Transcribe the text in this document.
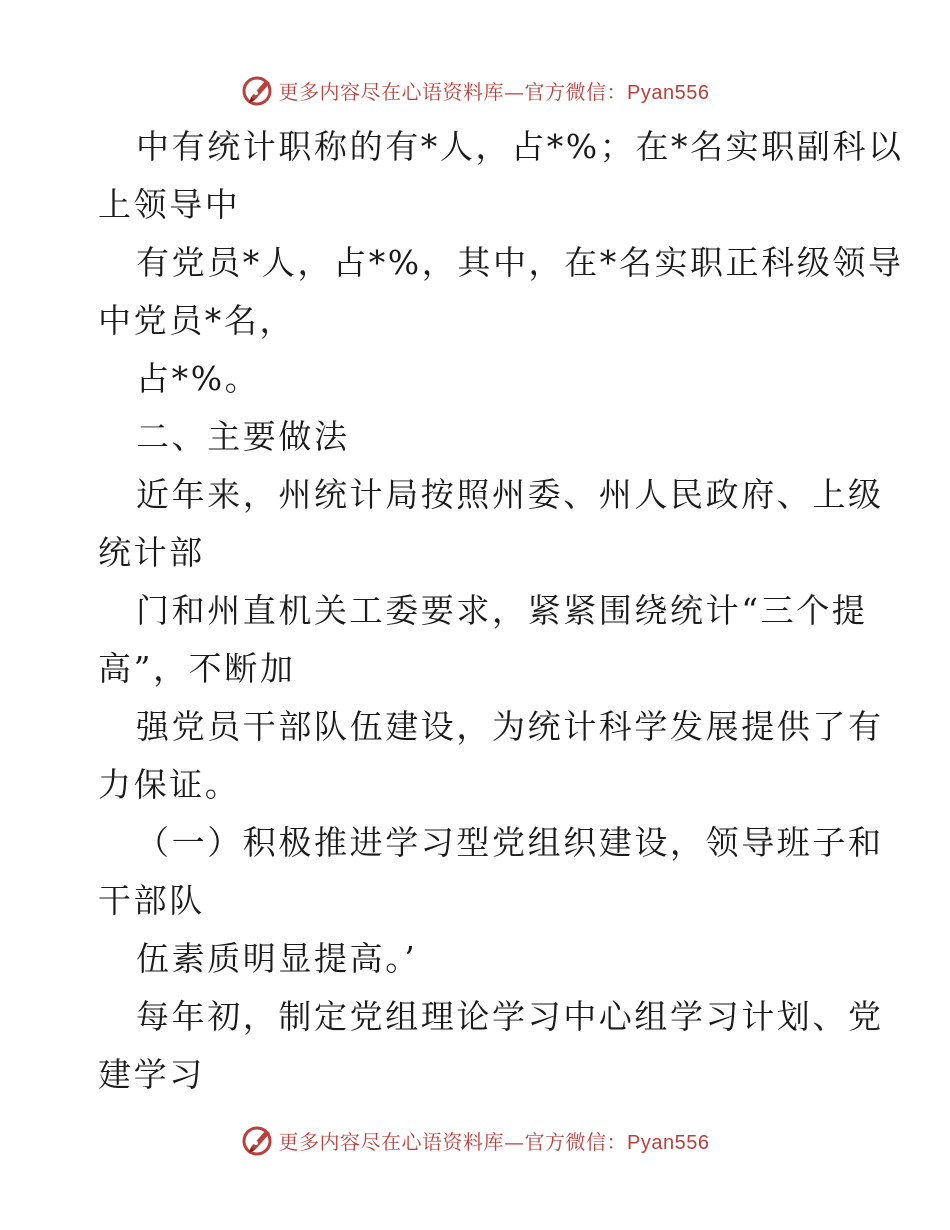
更多内容尽在心语资料库—官方微信：Pyan556
中有统计职称的有*人，占*%；在*名实职副科以
上领导中
有党员*人，占*%，其中，在*名实职正科级领导
中党员*名，
占*%。
二、主要做法
近年来，州统计局按照州委、州人民政府、上级
统计部
门和州直机关工委要求，紧紧围绕统计“三个提
高”，不断加
强党员干部队伍建设，为统计科学发展提供了有
力保证。
（一）积极推进学习型党组织建设，领导班子和
干部队
伍素质明显提高。’
每年初，制定党组理论学习中心组学习计划、党
建学习
更多内容尽在心语资料库—官方微信：Pyan556
